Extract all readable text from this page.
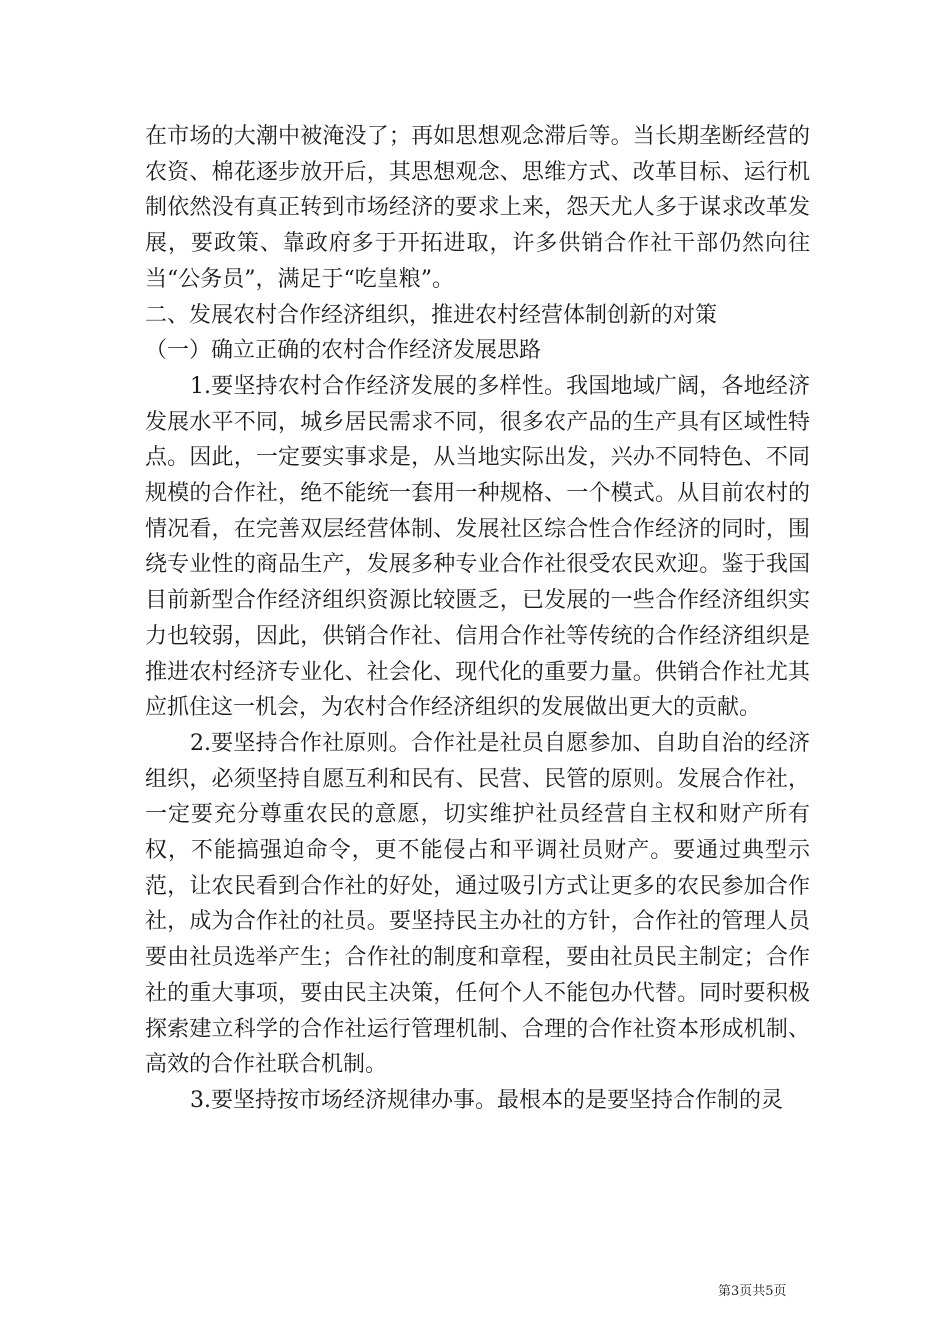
在市场的大潮中被淹没了；再如思想观念滞后等。当长期垄断经营的农资、棉花逐步放开后，其思想观念、思维方式、改革目标、运行机制依然没有真正转到市场经济的要求上来，怨天尤人多于谋求改革发展，要政策、靠政府多于开拓进取，许多供销合作社干部仍然向往当“公务员”，满足于“吃皇粮”。

二、发展农村合作经济组织，推进农村经营体制创新的对策

（一）确立正确的农村合作经济发展思路

1.要坚持农村合作经济发展的多样性。我国地域广阔，各地经济发展水平不同，城乡居民需求不同，很多农产品的生产具有区域性特点。因此，一定要实事求是，从当地实际出发，兴办不同特色、不同规模的合作社，绝不能统一套用一种规格、一个模式。从目前农村的情况看，在完善双层经营体制、发展社区综合性合作经济的同时，围绕专业性的商品生产，发展多种专业合作社很受农民欢迎。鉴于我国目前新型合作经济组织资源比较匮乏，已发展的一些合作经济组织实力也较弱，因此，供销合作社、信用合作社等传统的合作经济组织是推进农村经济专业化、社会化、现代化的重要力量。供销合作社尤其应抓住这一机会，为农村合作经济组织的发展做出更大的贡献。

2.要坚持合作社原则。合作社是社员自愿参加、自助自治的经济组织，必须坚持自愿互利和民有、民营、民管的原则。发展合作社，一定要充分尊重农民的意愿，切实维护社员经营自主权和财产所有权，不能搞强迫命令，更不能侵占和平调社员财产。要通过典型示范，让农民看到合作社的好处，通过吸引方式让更多的农民参加合作社，成为合作社的社员。要坚持民主办社的方针，合作社的管理人员要由社员选举产生；合作社的制度和章程，要由社员民主制定；合作社的重大事项，要由民主决策，任何个人不能包办代替。同时要积极探索建立科学的合作社运行管理机制、合理的合作社资本形成机制、高效的合作社联合机制。

3.要坚持按市场经济规律办事。最根本的是要坚持合作制的灵

第3页共5页
